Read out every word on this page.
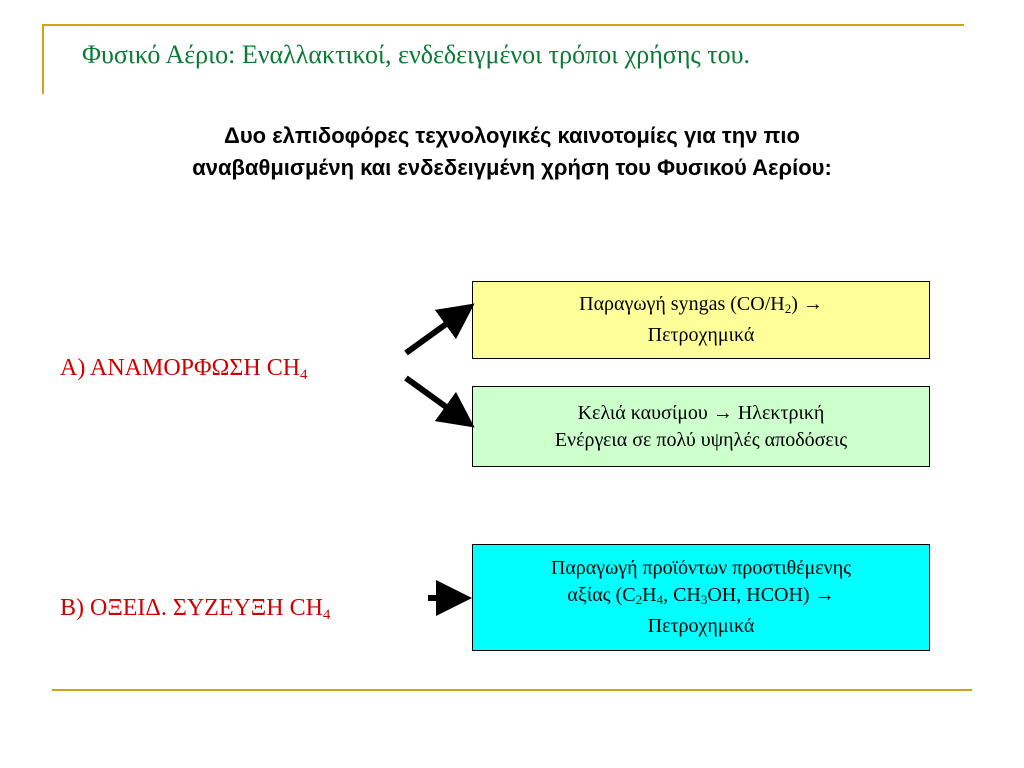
Φυσικό Αέριο: Εναλλακτικοί, ενδεδειγμένοι τρόποι χρήσης του.
Δυο ελπιδοφόρες τεχνολογικές καινοτομίες για την πιο
αναβαθμισμένη και ενδεδειγμένη χρήση του Φυσικού Αερίου:
Α) ΑΝΑΜΟΡΦΩΣΗ $CH_4$
Β) ΟΞΕΙΔ. ΣΥΖΕΥΞΗ $CH_4$
Παραγωγή syngas $(CO/H_2)$ →
Πετροχημικά
Κελιά καυσίμου → Ηλεκτρική
Ενέργεια σε πολύ υψηλές αποδόσεις
Παραγωγή προϊόντων προστιθέμενης
αξίας ($C_2H_4$, $CH_3OH$, HCOH) →
Πετροχημικά
